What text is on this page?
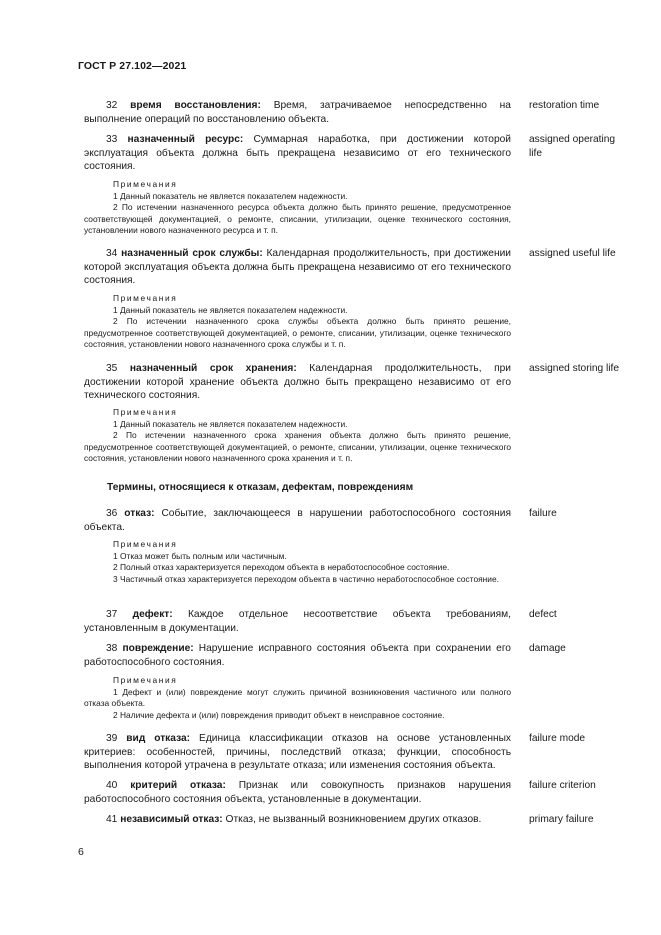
ГОСТ Р 27.102—2021
32 время восстановления: Время, затрачиваемое непосредственно на выполнение операций по восстановлению объекта.
restoration time
33 назначенный ресурс: Суммарная наработка, при достижении которой эксплуатация объекта должна быть прекращена независимо от его технического состояния.
assigned operating life
Примечания
1 Данный показатель не является показателем надежности.
2 По истечении назначенного ресурса объекта должно быть принято решение, предусмотренное соответствующей документацией, о ремонте, списании, утилизации, оценке технического состояния, установлении нового назначенного ресурса и т. п.
34 назначенный срок службы: Календарная продолжительность, при достижении которой эксплуатация объекта должна быть прекращена независимо от его технического состояния.
assigned useful life
Примечания
1 Данный показатель не является показателем надежности.
2 По истечении назначенного срока службы объекта должно быть принято решение, предусмотренное соответствующей документацией, о ремонте, списании, утилизации, оценке технического состояния, установлении нового назначенного срока службы и т. п.
35 назначенный срок хранения: Календарная продолжительность, при достижении которой хранение объекта должно быть прекращено независимо от его технического состояния.
assigned storing life
Примечания
1 Данный показатель не является показателем надежности.
2 По истечении назначенного срока хранения объекта должно быть принято решение, предусмотренное соответствующей документацией, о ремонте, списании, утилизации, оценке технического состояния, установлении нового назначенного срока хранения и т. п.
Термины, относящиеся к отказам, дефектам, повреждениям
36 отказ: Событие, заключающееся в нарушении работоспособного состояния объекта.
failure
Примечания
1 Отказ может быть полным или частичным.
2 Полный отказ характеризуется переходом объекта в неработоспособное состояние.
3 Частичный отказ характеризуется переходом объекта в частично неработоспособное состояние.
37 дефект: Каждое отдельное несоответствие объекта требованиям, установленным в документации.
defect
38 повреждение: Нарушение исправного состояния объекта при сохранении его работоспособного состояния.
damage
Примечания
1 Дефект и (или) повреждение могут служить причиной возникновения частичного или полного отказа объекта.
2 Наличие дефекта и (или) повреждения приводит объект в неисправное состояние.
39 вид отказа: Единица классификации отказов на основе установленных критериев: особенностей, причины, последствий отказа; функции, способность выполнения которой утрачена в результате отказа; или изменения состояния объекта.
failure mode
40 критерий отказа: Признак или совокупность признаков нарушения работоспособного состояния объекта, установленные в документации.
failure criterion
41 независимый отказ: Отказ, не вызванный возникновением других отказов.	primary failure
6
